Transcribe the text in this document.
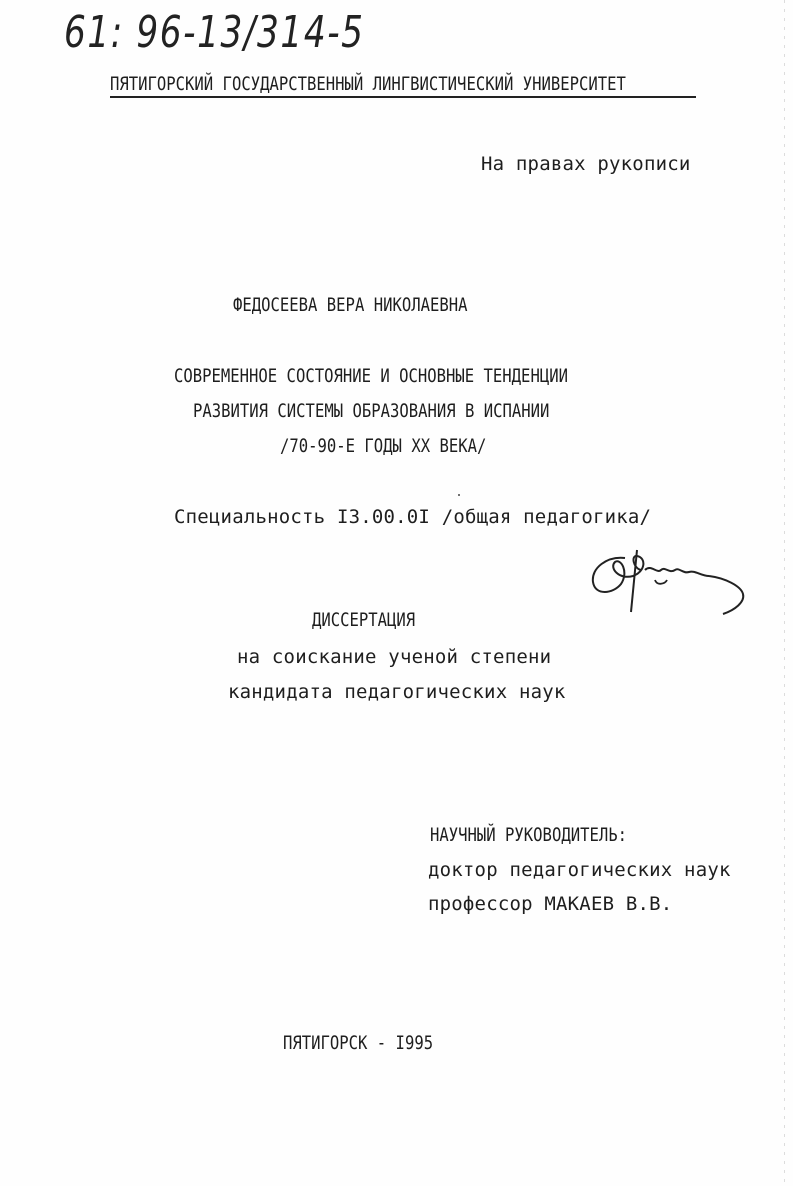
61: 96-13/314-5
ПЯТИГОРСКИЙ ГОСУДАРСТВЕННЫЙ ЛИНГВИСТИЧЕСКИЙ УНИВЕРСИТЕТ
На правах рукописи
ФЕДОСЕЕВА ВЕРА НИКОЛАЕВНА
СОВРЕМЕННОЕ СОСТОЯНИЕ И ОСНОВНЫЕ ТЕНДЕНЦИИ
РАЗВИТИЯ СИСТЕМЫ ОБРАЗОВАНИЯ В ИСПАНИИ
/70-90-Е ГОДЫ XX ВЕКА/
Специальность I3.00.0I /общая педагогика/
ДИССЕРТАЦИЯ
на соискание ученой степени
кандидата педагогических наук
НАУЧНЫЙ РУКОВОДИТЕЛЬ:
доктор педагогических наук
профессор МАКАЕВ В.В.
ПЯТИГОРСК - I995
